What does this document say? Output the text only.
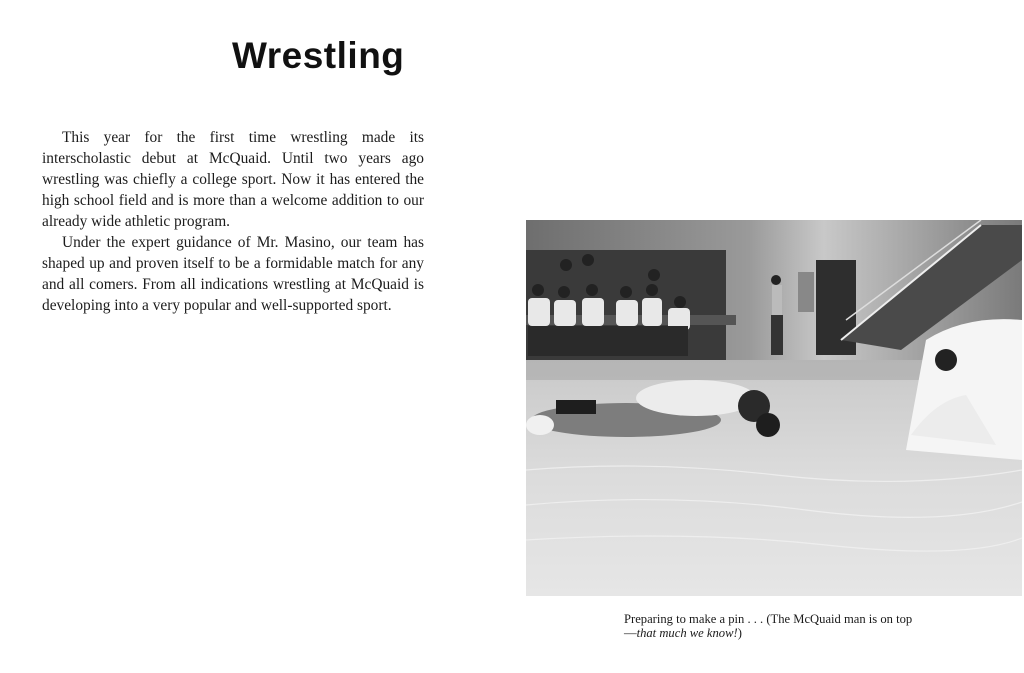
Wrestling

This year for the first time wrestling made its interscholastic debut at McQuaid. Until two years ago wrestling was chiefly a college sport. Now it has entered the high school field and is more than a welcome addition to our already wide athletic program.

Under the expert guidance of Mr. Masino, our team has shaped up and proven itself to be a formidable match for any and all comers. From all indications wrestling at McQuaid is developing into a very popular and well-supported sport.

Preparing to make a pin . . . (The McQuaid man is on top—that much we know!)
